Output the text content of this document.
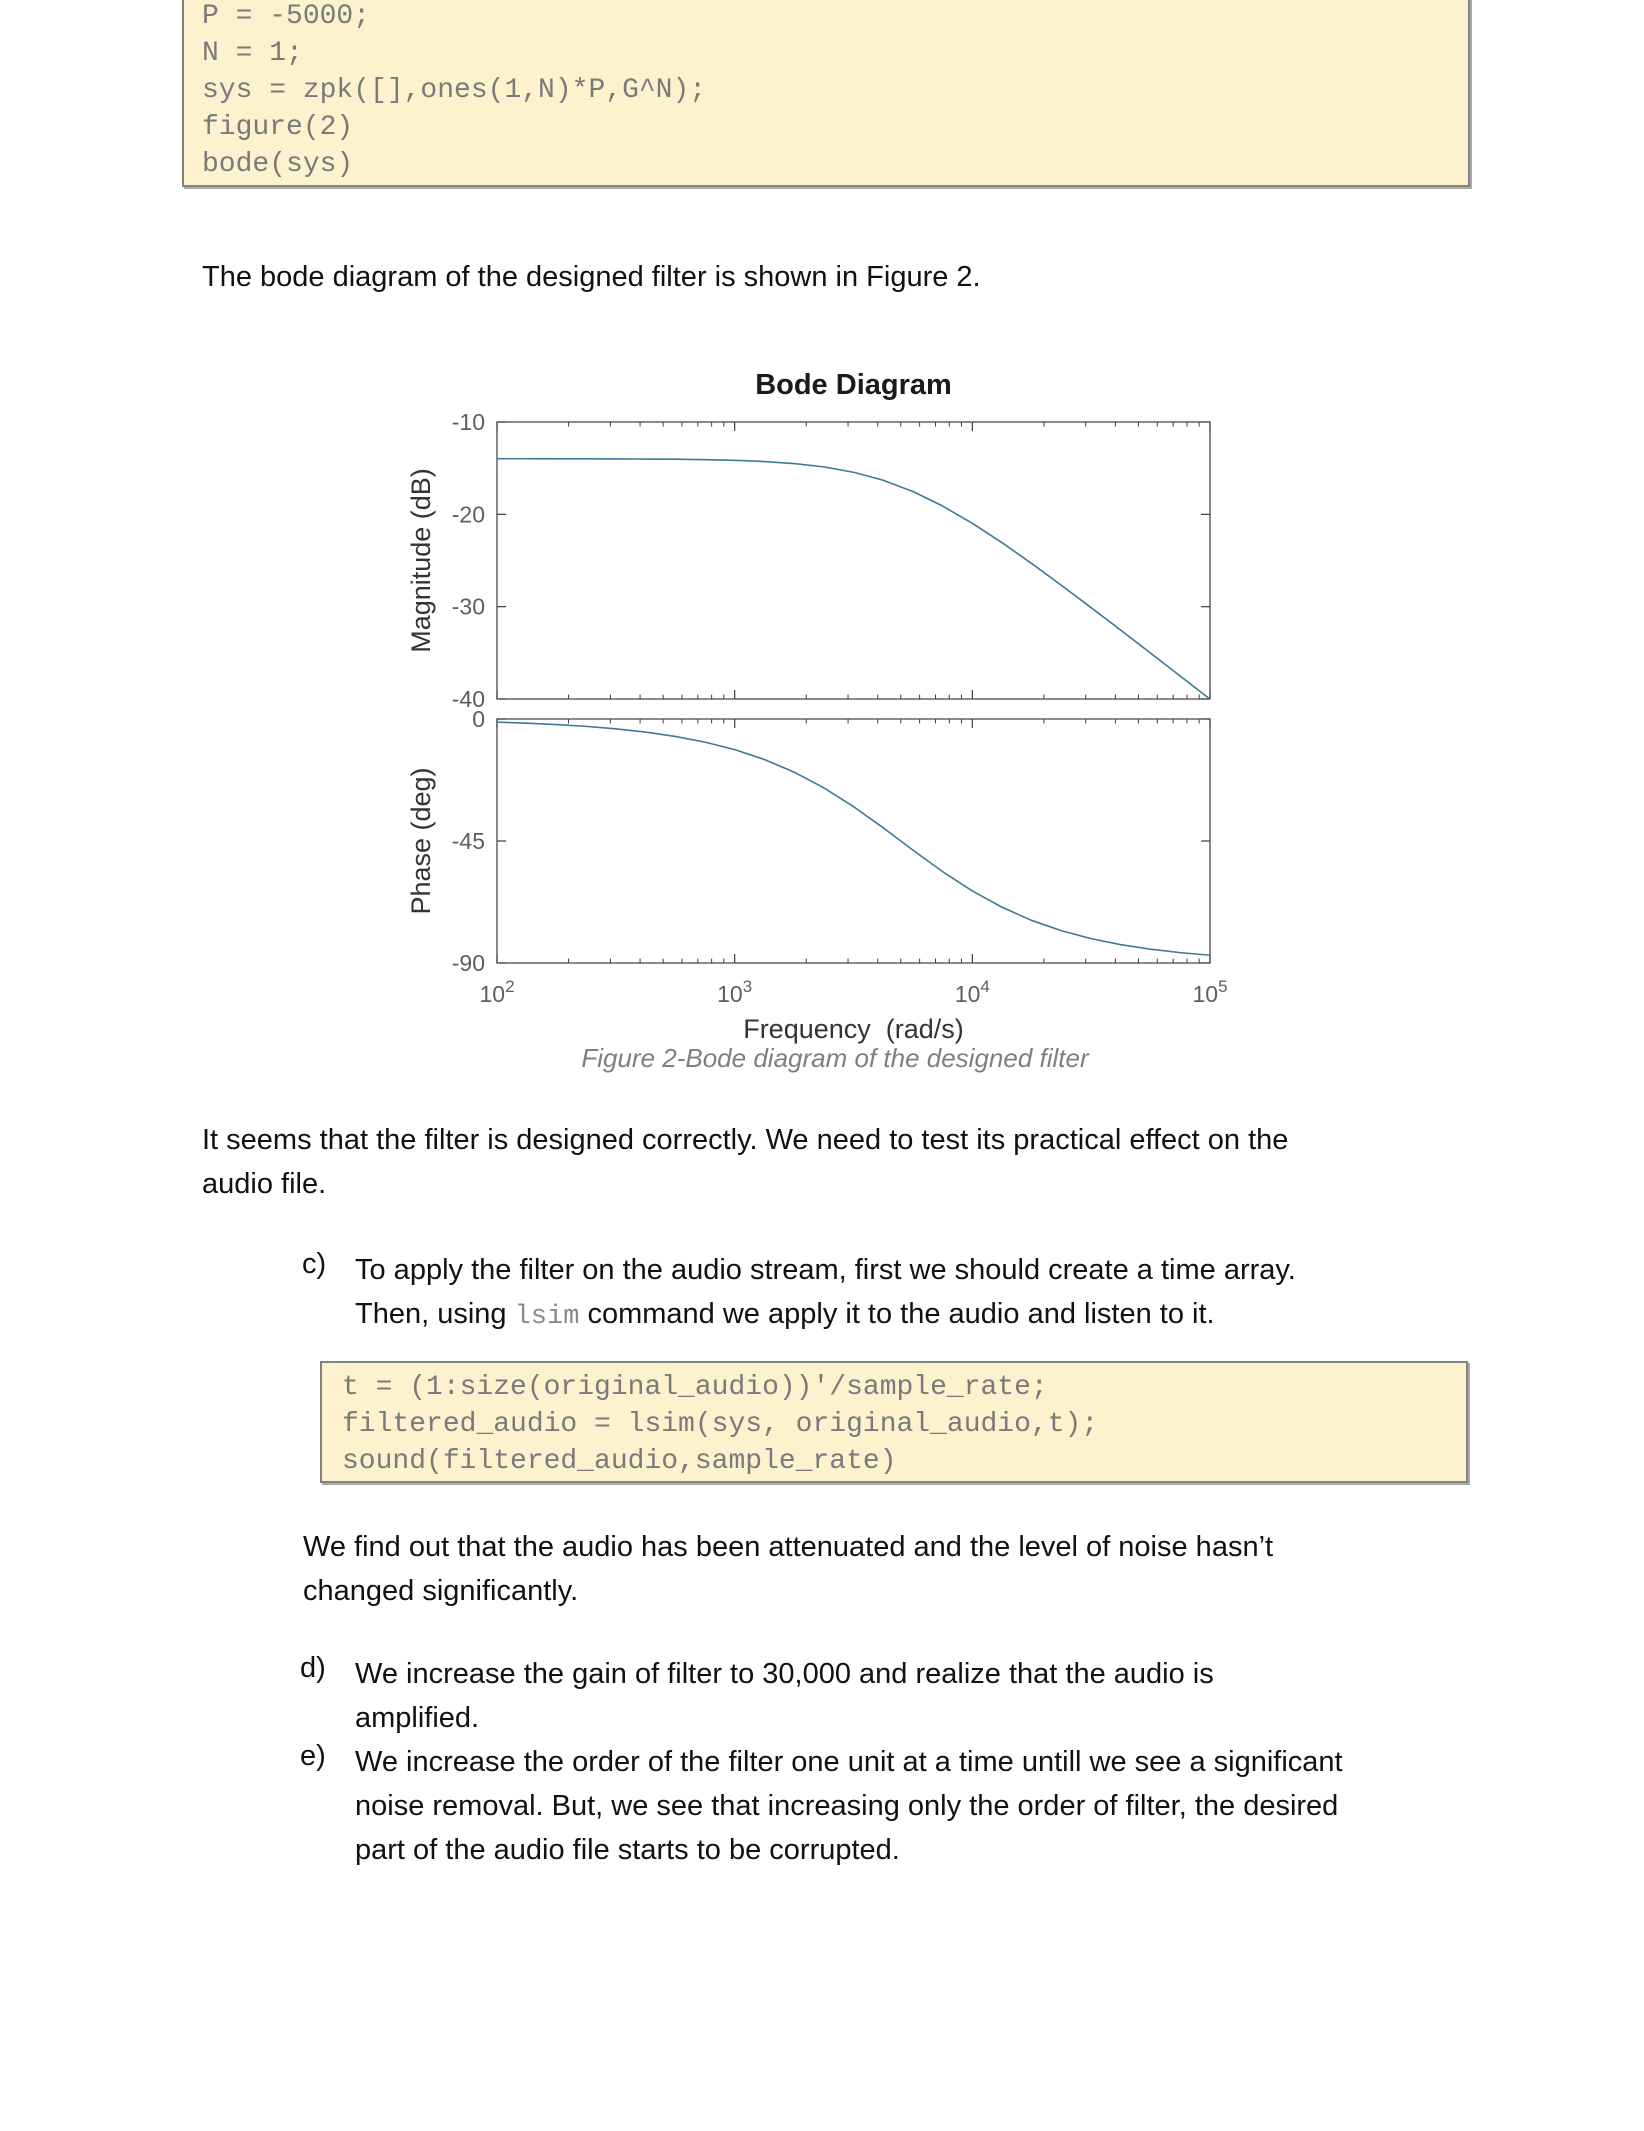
P = -5000;
N = 1;
sys = zpk([],ones(1,N)*P,G^N);
figure(2)
bode(sys)
The bode diagram of the designed filter is shown in Figure 2.
-10
-20
-30
-40
Magnitude (dB)
0
-45
-90
Phase (deg)
$10^2$	$10^3$	$10^4$	$10^5$
Bode Diagram
Frequency  (rad/s)
Figure 2-Bode diagram of the designed filter
It seems that the filter is designed correctly. We need to test its practical effect on the
audio file.
c) To apply the filter on the audio stream, first we should create a time array.
Then, using lsim command we apply it to the audio and listen to it.
t = (1:size(original_audio))'/sample_rate;
filtered_audio = lsim(sys, original_audio,t);
sound(filtered_audio,sample_rate)
We find out that the audio has been attenuated and the level of noise hasn’t
changed significantly.
d) We increase the gain of filter to 30,000 and realize that the audio is
amplified.
e) We increase the order of the filter one unit at a time untill we see a significant
noise removal. But, we see that increasing only the order of filter, the desired
part of the audio file starts to be corrupted.
